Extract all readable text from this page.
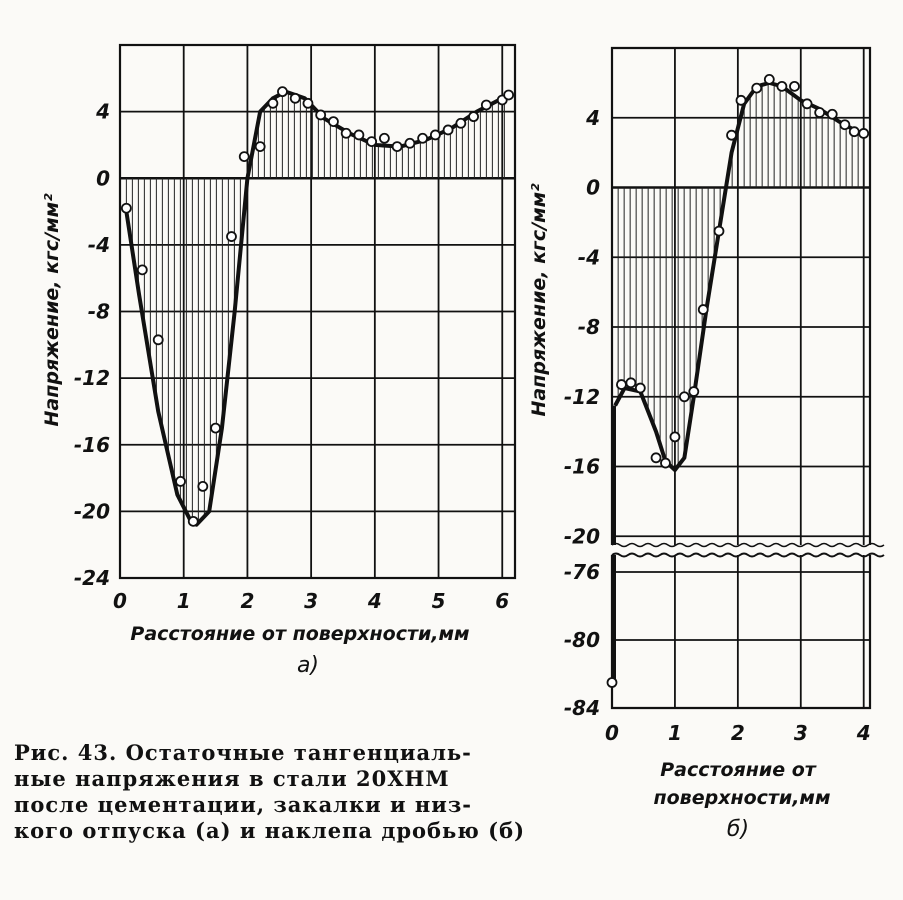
0 1 2 3 4 5 6
4
0
-4
-8
-12
-16
-20
-24
0 1 2 3 4
4
0
-4
-8
-12
-16
-20
-76
-80
-84
Расстояние от поверхности,мм
а)
Напряжение, кгс/мм²
Расстояние от
поверхности,мм
б)
Напряжение, кгс/мм²
Рис. 43. Остаточные тангенциаль-
ные напряжения в стали 20ХНМ
после цементации, закалки и низ-
кого отпуска (а) и наклепа дробью (б)
